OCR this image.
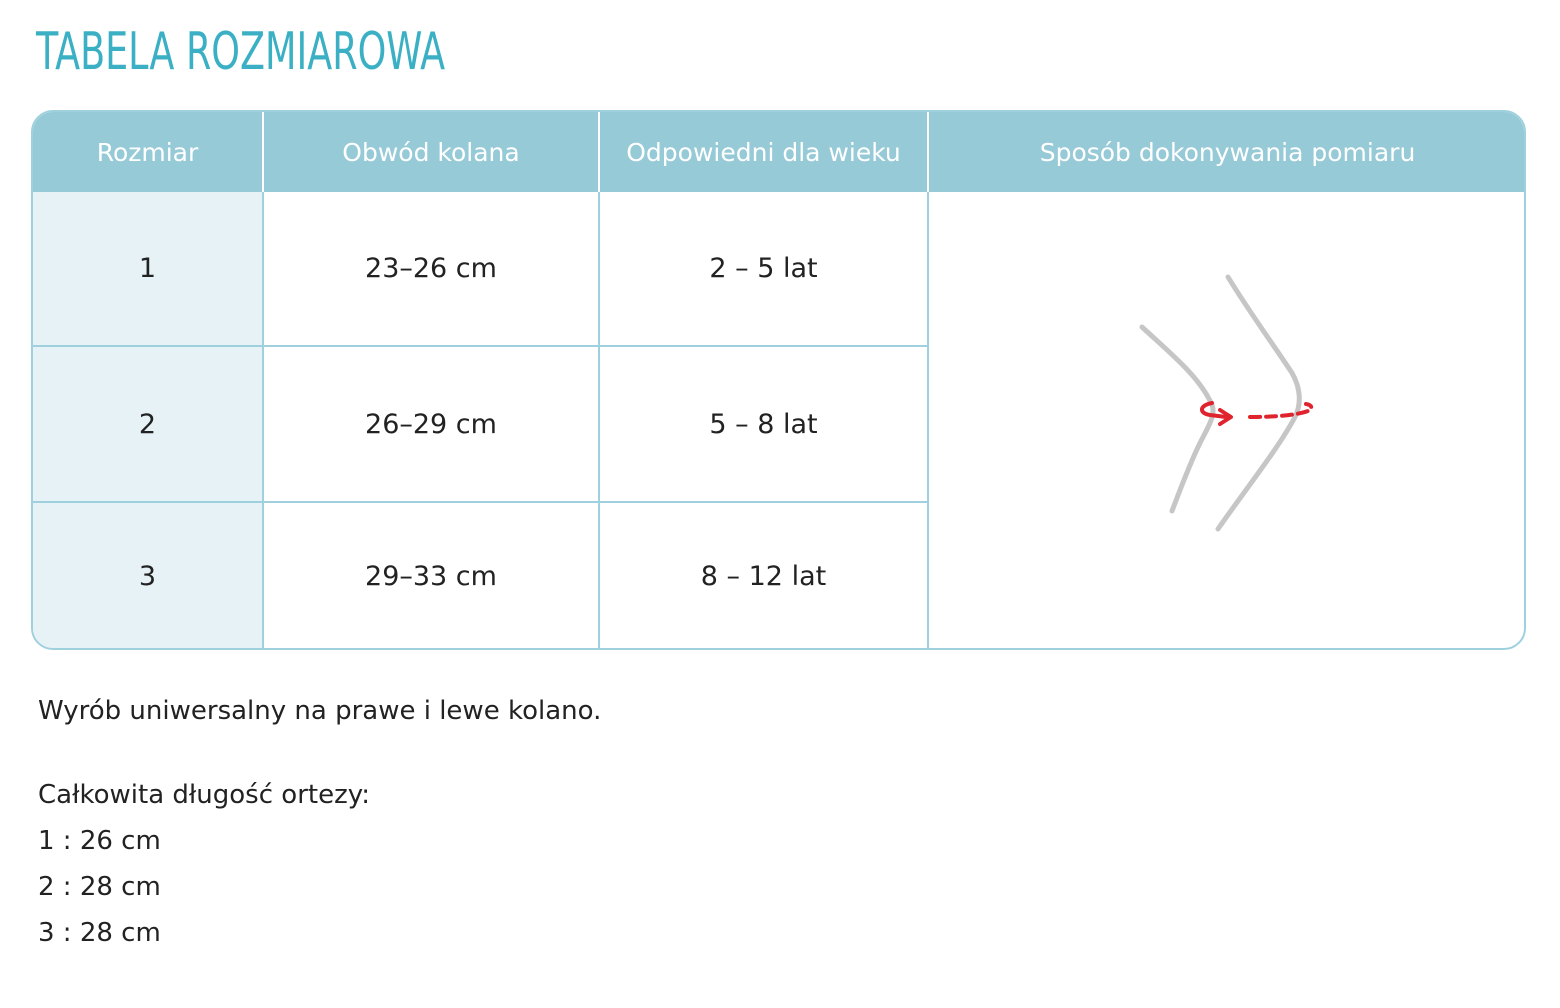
TABELA ROZMIAROWA
Rozmiar	Obwód kolana	Odpowiedni dla wieku	Sposób dokonywania pomiaru
1	23–26 cm	2 – 5 lat
2	26–29 cm	5 – 8 lat
3	29–33 cm	8 – 12 lat

Wyrób uniwersalny na prawe i lewe kolano.

Całkowita długość ortezy:

1 : 26 cm

2 : 28 cm

3 : 28 cm
